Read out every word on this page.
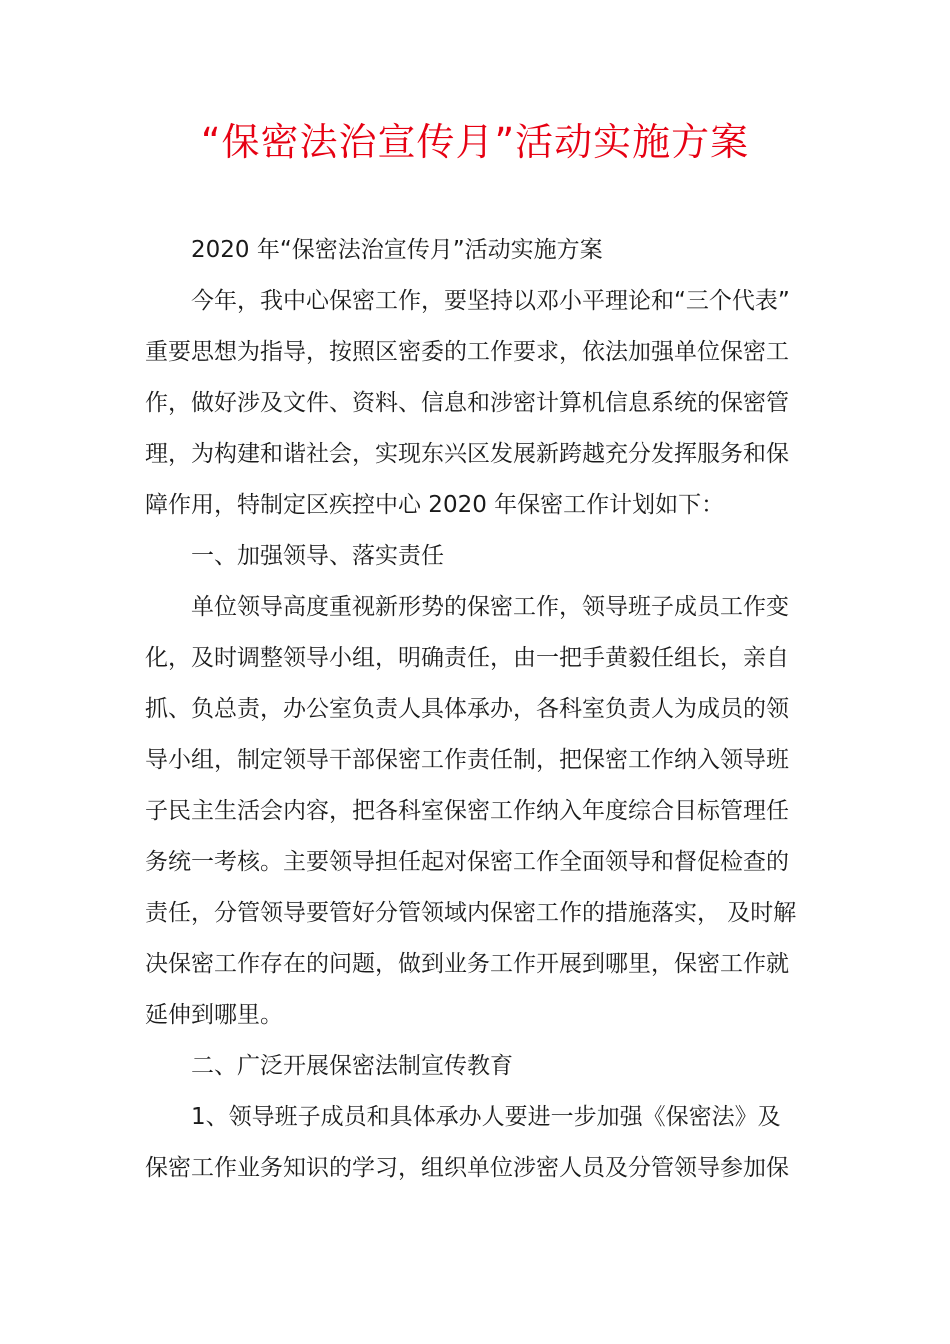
“保密法治宣传月”活动实施方案
2020 年“保密法治宣传月”活动实施方案
今年，我中心保密工作，要坚持以邓小平理论和“三个代表”
重要思想为指导，按照区密委的工作要求，依法加强单位保密工
作，做好涉及文件、资料、信息和涉密计算机信息系统的保密管
理，为构建和谐社会，实现东兴区发展新跨越充分发挥服务和保
障作用，特制定区疾控中心 2020 年保密工作计划如下：
一、加强领导、落实责任
单位领导高度重视新形势的保密工作，领导班子成员工作变
化，及时调整领导小组，明确责任，由一把手黄毅任组长，亲自
抓、负总责，办公室负责人具体承办，各科室负责人为成员的领
导小组，制定领导干部保密工作责任制，把保密工作纳入领导班
子民主生活会内容，把各科室保密工作纳入年度综合目标管理任
务统一考核。主要领导担任起对保密工作全面领导和督促检查的
责任，分管领导要管好分管领域内保密工作的措施落实， 及时解
决保密工作存在的问题，做到业务工作开展到哪里，保密工作就
延伸到哪里。
二、广泛开展保密法制宣传教育
1、领导班子成员和具体承办人要进一步加强《保密法》及
保密工作业务知识的学习，组织单位涉密人员及分管领导参加保
